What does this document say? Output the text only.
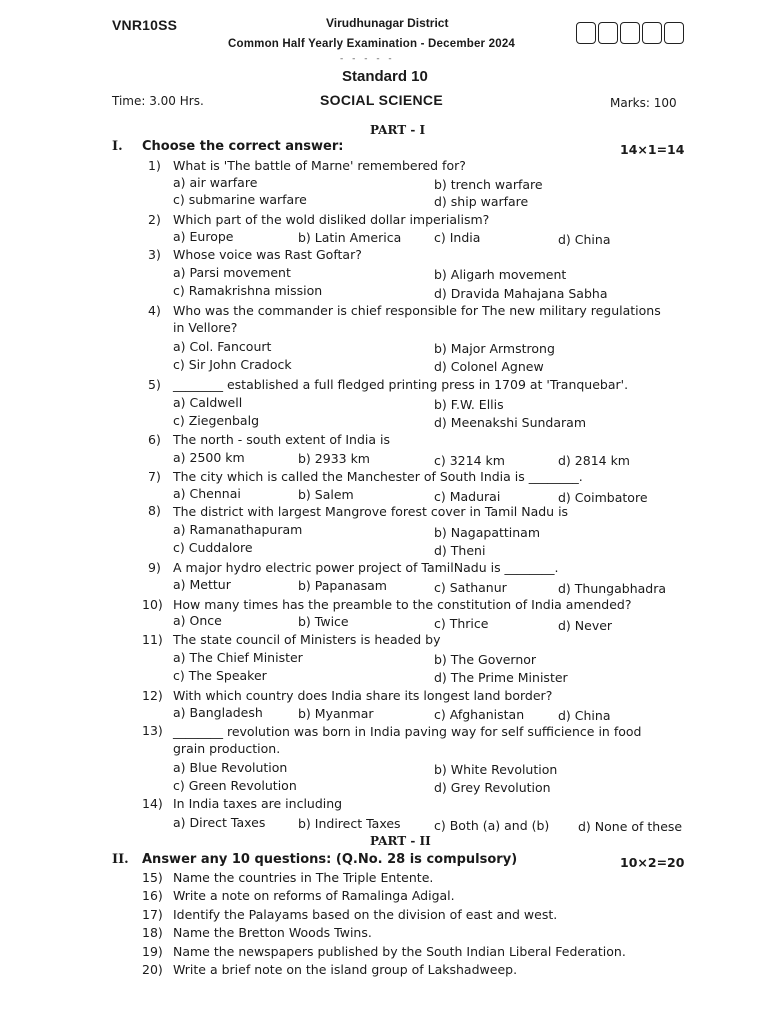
VNR10SS	Virudhunagar District
Common Half Yearly Examination - December 2024
- - - - -
Standard 10
Time: 3.00 Hrs.	SOCIAL SCIENCE	Marks: 100
PART - I
I. Choose the correct answer:	14×1=14
1) What is 'The battle of Marne' remembered for?
a) air warfare	b) trench warfare
c) submarine warfare	d) ship warfare
2) Which part of the wold disliked dollar imperialism?
a) Europe	b) Latin America	c) India	d) China
3) Whose voice was Rast Goftar?
a) Parsi movement	b) Aligarh movement
c) Ramakrishna mission	d) Dravida Mahajana Sabha
4) Who was the commander is chief responsible for The new military regulations
in Vellore?
a) Col. Fancourt	b) Major Armstrong
c) Sir John Cradock	d) Colonel Agnew
5) ________ established a full fledged printing press in 1709 at 'Tranquebar'.
a) Caldwell	b) F.W. Ellis
c) Ziegenbalg	d) Meenakshi Sundaram
6) The north - south extent of India is
a) 2500 km	b) 2933 km	c) 3214 km	d) 2814 km
7) The city which is called the Manchester of South India is ________.
a) Chennai	b) Salem	c) Madurai	d) Coimbatore
8) The district with largest Mangrove forest cover in Tamil Nadu is
a) Ramanathapuram	b) Nagapattinam
c) Cuddalore	d) Theni
9) A major hydro electric power project of TamilNadu is ________.
a) Mettur	b) Papanasam	c) Sathanur	d) Thungabhadra
10) How many times has the preamble to the constitution of India amended?
a) Once	b) Twice	c) Thrice	d) Never
11) The state council of Ministers is headed by
a) The Chief Minister	b) The Governor
c) The Speaker	d) The Prime Minister
12) With which country does India share its longest land border?
a) Bangladesh	b) Myanmar	c) Afghanistan	d) China
13) ________ revolution was born in India paving way for self sufficience in food
grain production.
a) Blue Revolution	b) White Revolution
c) Green Revolution	d) Grey Revolution
14) In India taxes are including
a) Direct Taxes	b) Indirect Taxes	c) Both (a) and (b) d) None of these
PART - II
II. Answer any 10 questions: (Q.No. 28 is compulsory)	10×2=20
15) Name the countries in The Triple Entente.
16) Write a note on reforms of Ramalinga Adigal.
17) Identify the Palayams based on the division of east and west.
18) Name the Bretton Woods Twins.
19) Name the newspapers published by the South Indian Liberal Federation.
20) Write a brief note on the island group of Lakshadweep.
